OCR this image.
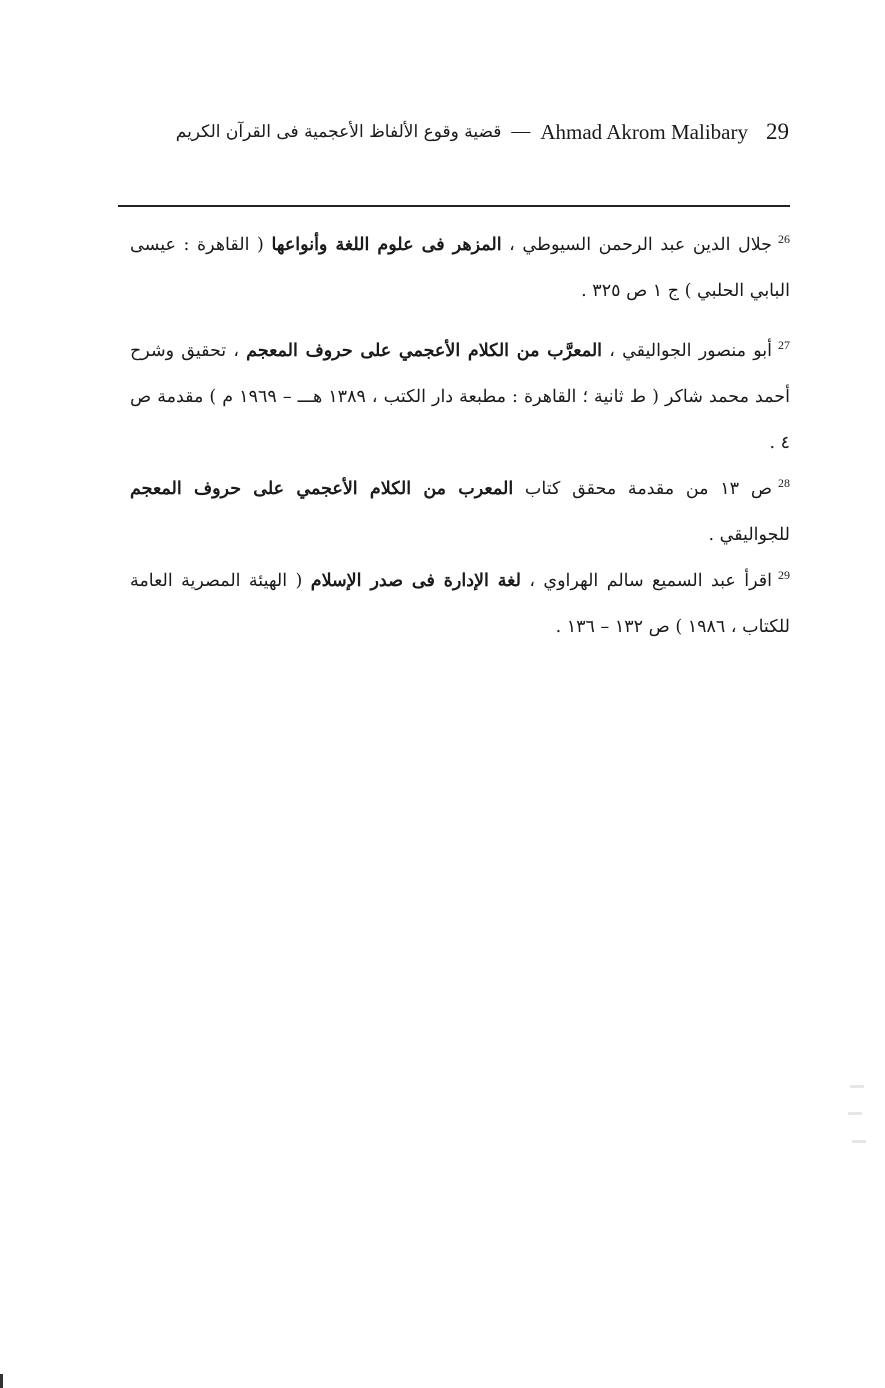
قضية وقوع الألفاظ الأعجمية فى القرآن الكريم — Ahmad Akrom Malibary 29

$^{26}$جلال الدين عبد الرحمن السيوطي ، المزهر فى علوم اللغة وأنواعها ( القاهرة : عيسى البابي الحلبي ) ج ١ ص ٣٢٥ .

$^{27}$أبو منصور الجواليقي ، المعرَّب من الكلام الأعجمي على حروف المعجم ، تحقيق وشرح أحمد محمد شاكر ( ط ثانية ؛ القاهرة : مطبعة دار الكتب ، ١٣٨٩ هـــ – ١٩٦٩ م ) مقدمة ص ٤ .

$^{28}$ص ١٣ من مقدمة محقق كتاب المعرب من الكلام الأعجمي على حروف المعجم للجواليقي .

$^{29}$اقرأ عبد السميع سالم الهراوي ، لغة الإدارة فى صدر الإسلام ( الهيئة المصرية العامة للكتاب ، ١٩٨٦ ) ص ١٣٢ – ١٣٦ .
